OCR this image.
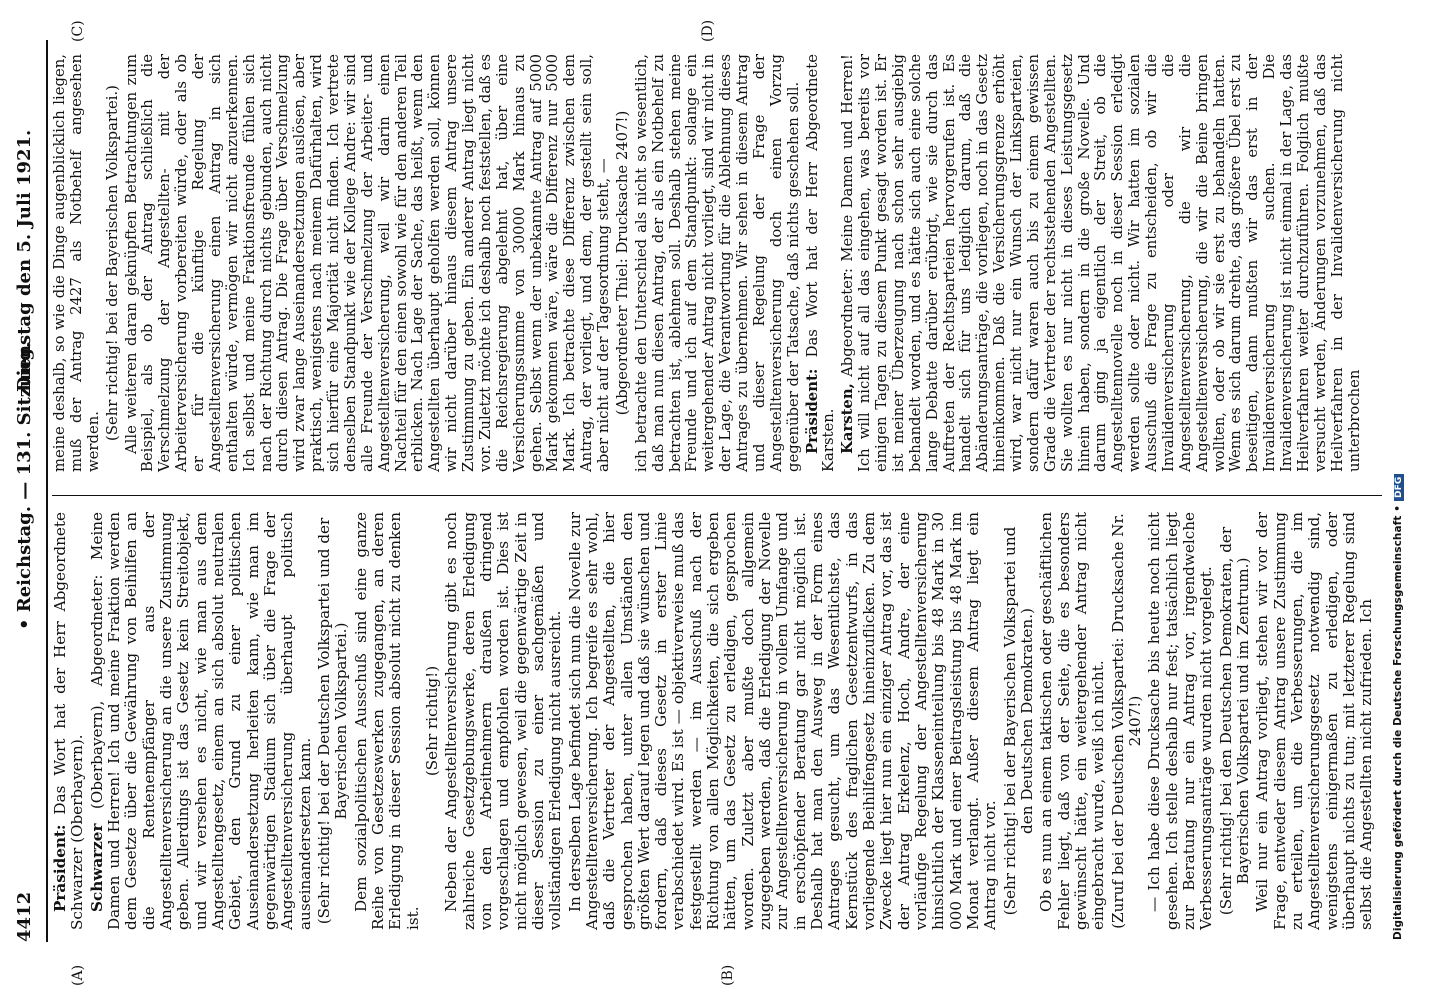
4412
• Reichstag. — 131. Sitzung.
Dienstag den 5. Juli 1921.
(A)	(B)
(C)	(D)

Präsident: Das Wort hat der Herr Abgeordnete Schwarzer (Oberbayern). Schwarzer (Oberbayern), Abgeordneter: Meine Damen und Herren! Ich und meine Fraktion werden dem Gesetze über die Gewährung von Beihilfen an die Rentenempfänger aus der Angestelltenversicherung an die unsere Zustimmung geben. Allerdings ist das Gesetz kein Streitobjekt, und wir versehen es nicht, wie man aus dem Angestelltengesetz, einem an sich absolut neutralen Gebiet, den Grund zu einer politischen Auseinandersetzung herleiten kann, wie man im gegenwärtigen Stadium sich über die Frage der Angestelltenversicherung überhaupt politisch auseinandersetzen kann. (Sehr richtig! bei der Deutschen Volkspartei und der Bayerischen Volkspartei.) Dem sozialpolitischen Ausschuß sind eine ganze Reihe von Gesetzeswerken zugegangen, an deren Erledigung in dieser Session absolut nicht zu denken ist.

(Sehr richtig!) Neben der Angestelltenversicherung gibt es noch zahlreiche Gesetzgebungswerke, deren Erledigung von den Arbeitnehmern draußen dringend vorgeschlagen und empfohlen worden ist. Dies ist nicht möglich gewesen, weil die gegenwärtige Zeit in dieser Session zu einer sachgemäßen und vollständigen Erledigung nicht ausreicht. In derselben Lage befindet sich nun die Novelle zur Angestelltenversicherung. Ich begreife es sehr wohl, daß die Vertreter der Angestellten, die hier gesprochen haben, unter allen Umständen den größten Wert darauf legen und daß sie wünschen und fordern, daß dieses Gesetz in erster Linie verabschiedet wird. Es ist — objektiverweise muß das festgestellt werden — im Ausschuß nach der Richtung von allen Möglichkeiten, die sich ergeben hätten, um das Gesetz zu erledigen, gesprochen worden. Zuletzt aber mußte doch allgemein zugegeben werden, daß die Erledigung der Novelle zur Angestelltenversicherung in vollem Umfange und in erschöpfender Beratung gar nicht möglich ist. Deshalb hat man den Ausweg in der Form eines Antrages gesucht, um das Wesentlichste, das Kernstück des fraglichen Gesetzentwurfs, in das vorliegende Beihilfengesetz hineinzuflicken. Zu dem Zwecke liegt hier nun ein einziger Antrag vor, das ist der Antrag Erkelenz, Hoch, Andre, der eine vorläufige Regelung der Angestelltenversicherung hinsichtlich der Klasseneinteilung bis 48 Mark in 30 000 Mark und einer Beitragsleistung bis 48 Mark im Monat verlangt. Außer diesem Antrag liegt ein Antrag nicht vor. (Sehr richtig! bei der Bayerischen Volkspartei und den Deutschen Demokraten.) Ob es nun an einem taktischen oder geschäftlichen Fehler liegt, daß von der Seite, die es besonders gewünscht hätte, ein weitergehender Antrag nicht eingebracht wurde, weiß ich nicht. (Zuruf bei der Deutschen Volkspartei: Drucksache Nr. 2407!) — Ich habe diese Drucksache bis heute noch nicht gesehen. Ich stelle deshalb nur fest; tatsächlich liegt zur Beratung nur ein Antrag vor, irgendwelche Verbesserungsanträge wurden nicht vorgelegt. (Sehr richtig! bei den Deutschen Demokraten, der Bayerischen Volkspartei und im Zentrum.) Weil nur ein Antrag vorliegt, stehen wir vor der Frage, entweder diesem Antrag unsere Zustimmung zu erteilen, um die Verbesserungen, die im Angestelltenversicherungsgesetz notwendig sind, wenigstens einigermaßen zu erledigen, oder überhaupt nichts zu tun; mit letzterer Regelung sind selbst die Angestellten nicht zufrieden. Ich

meine deshalb, so wie die Dinge augenblicklich liegen, muß der Antrag 2427 als Notbehelf angesehen werden.

(Sehr richtig! bei der Bayerischen Volkspartei.) Alle weiteren daran geknüpften Betrachtungen zum Beispiel, als ob der Antrag schließlich die Verschmelzung der Angestellten- mit der Arbeiterversicherung vorbereiten würde, oder als ob er für die künftige Regelung der Angestelltenversicherung einen Antrag in sich enthalten würde, vermögen wir nicht anzuerkennen. Ich selbst und meine Fraktionsfreunde fühlen sich nach der Richtung durch nichts gebunden, auch nicht durch diesen Antrag. Die Frage über Verschmelzung wird zwar lange Auseinandersetzungen auslösen, aber praktisch, wenigstens nach meinem Dafürhalten, wird sich hierfür eine Majorität nicht finden. Ich vertrete denselben Standpunkt wie der Kollege Andre: wir sind alle Freunde der Verschmelzung der Arbeiter- und Angestelltenversicherung, weil wir darin einen Nachteil für den einen sowohl wie für den anderen Teil erblicken. Nach Lage der Sache, das heißt, wenn den Angestellten überhaupt geholfen werden soll, können wir nicht darüber hinaus diesem Antrag unsere Zustimmung zu geben. Ein anderer Antrag liegt nicht vor. Zuletzt möchte ich deshalb noch feststellen, daß es die Reichsregierung abgelehnt hat, über eine Versicherungssumme von 30000 Mark hinaus zu gehen. Selbst wenn der unbekannte Antrag auf 5000 Mark gekommen wäre, wäre die Differenz nur 5000 Mark. Ich betrachte diese Differenz zwischen dem Antrag, der vorliegt, und dem, der gestellt sein soll, aber nicht auf der Tagesordnung steht, — (Abgeordneter Thiel: Drucksache 2407!) ich betrachte den Unterschied als nicht so wesentlich, daß man nun diesen Antrag, der als ein Notbehelf zu betrachten ist, ablehnen soll. Deshalb stehen meine Freunde und ich auf dem Standpunkt: solange ein weitergehender Antrag nicht vorliegt, sind wir nicht in der Lage, die Verantwortung für die Ablehnung dieses Antrages zu übernehmen. Wir sehen in diesem Antrag und dieser Regelung der Frage der Angestelltenversicherung doch einen Vorzug gegenüber der Tatsache, daß nichts geschehen soll. Präsident: Das Wort hat der Herr Abgeordnete Karsten. Karsten, Abgeordneter: Meine Damen und Herren! Ich will nicht auf all das eingehen, was bereits vor einigen Tagen zu diesem Punkt gesagt worden ist. Er ist meiner Überzeugung nach schon sehr ausgiebig behandelt worden, und es hätte sich auch eine solche lange Debatte darüber erübrigt, wie sie durch das Auftreten der Rechtsparteien hervorgerufen ist. Es handelt sich für uns lediglich darum, daß die Abänderungsanträge, die vorliegen, noch in das Gesetz hineinkommen. Daß die Versicherungsgrenze erhöht wird, war nicht nur ein Wunsch der Linksparteien, sondern dafür waren auch bis zu einem gewissen Grade die Vertreter der rechtsstehenden Angestellten. Sie wollten es nur nicht in dieses Leistungsgesetz hinein haben, sondern in die große Novelle. Und darum ging ja eigentlich der Streit, ob die Angestelltennovelle noch in dieser Session erledigt werden sollte oder nicht. Wir hatten im sozialen Ausschuß die Frage zu entscheiden, ob wir die Invalidenversicherung oder die Angestelltenversicherung, die wir die Angestelltenversicherung, die wir die Beine bringen wollten, oder ob wir sie erst zu behandeln hatten. Wenn es sich darum drehte, das größere Übel erst zu beseitigen, dann mußten wir das erst in der Invalidenversicherung suchen. Die Invalidenversicherung ist nicht einmal in der Lage, das Heilverfahren weiter durchzuführen. Folglich mußte versucht werden, Änderungen vorzunehmen, daß das Heilverfahren in der Invalidenversicherung nicht unterbrochen

Digitalisierung gefördert durch die Deutsche Forschungsgemeinschaft •DFG
